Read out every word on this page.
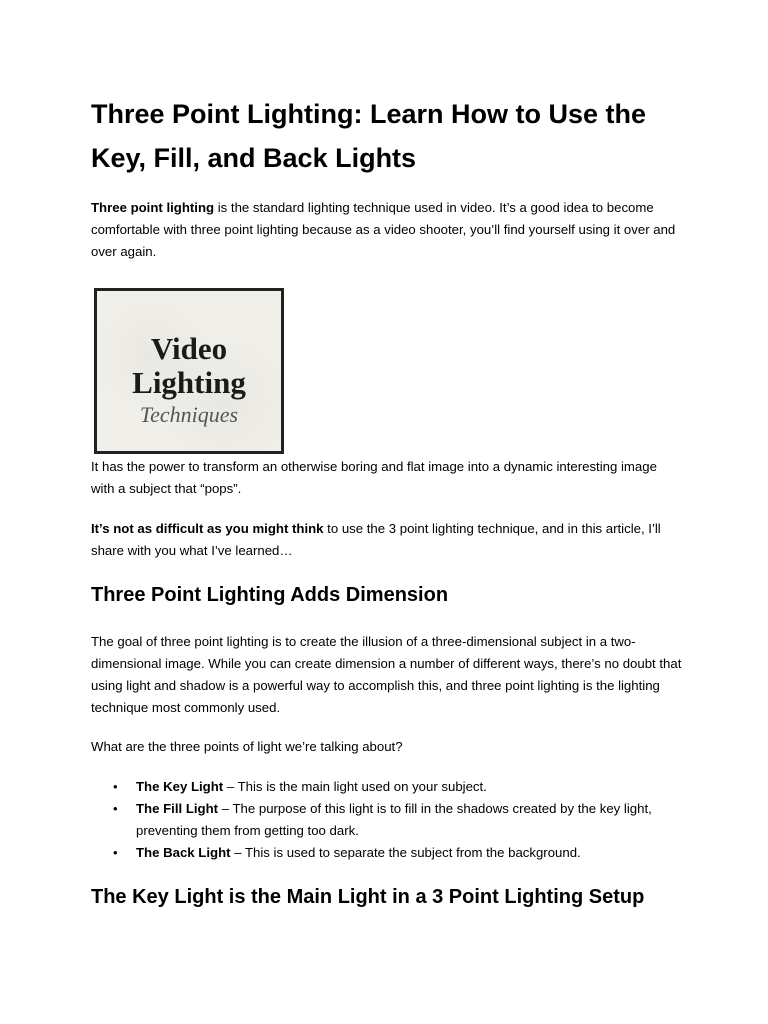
Three Point Lighting: Learn How to Use the Key, Fill, and Back Lights

Three point lighting is the standard lighting technique used in video. It’s a good idea to become comfortable with three point lighting because as a video shooter, you’ll find yourself using it over and over again.

Video
Lighting
Techniques

It has the power to transform an otherwise boring and flat image into a dynamic interesting image with a subject that “pops”.

It’s not as difficult as you might think to use the 3 point lighting technique, and in this article, I’ll share with you what I’ve learned…

Three Point Lighting Adds Dimension

The goal of three point lighting is to create the illusion of a three-dimensional subject in a two-dimensional image. While you can create dimension a number of different ways, there’s no doubt that using light and shadow is a powerful way to accomplish this, and three point lighting is the lighting technique most commonly used.

What are the three points of light we’re talking about?

• The Key Light – This is the main light used on your subject.
• The Fill Light – The purpose of this light is to fill in the shadows created by the key light, preventing them from getting too dark.
• The Back Light – This is used to separate the subject from the background.
The Key Light is the Main Light in a 3 Point Lighting Setup
